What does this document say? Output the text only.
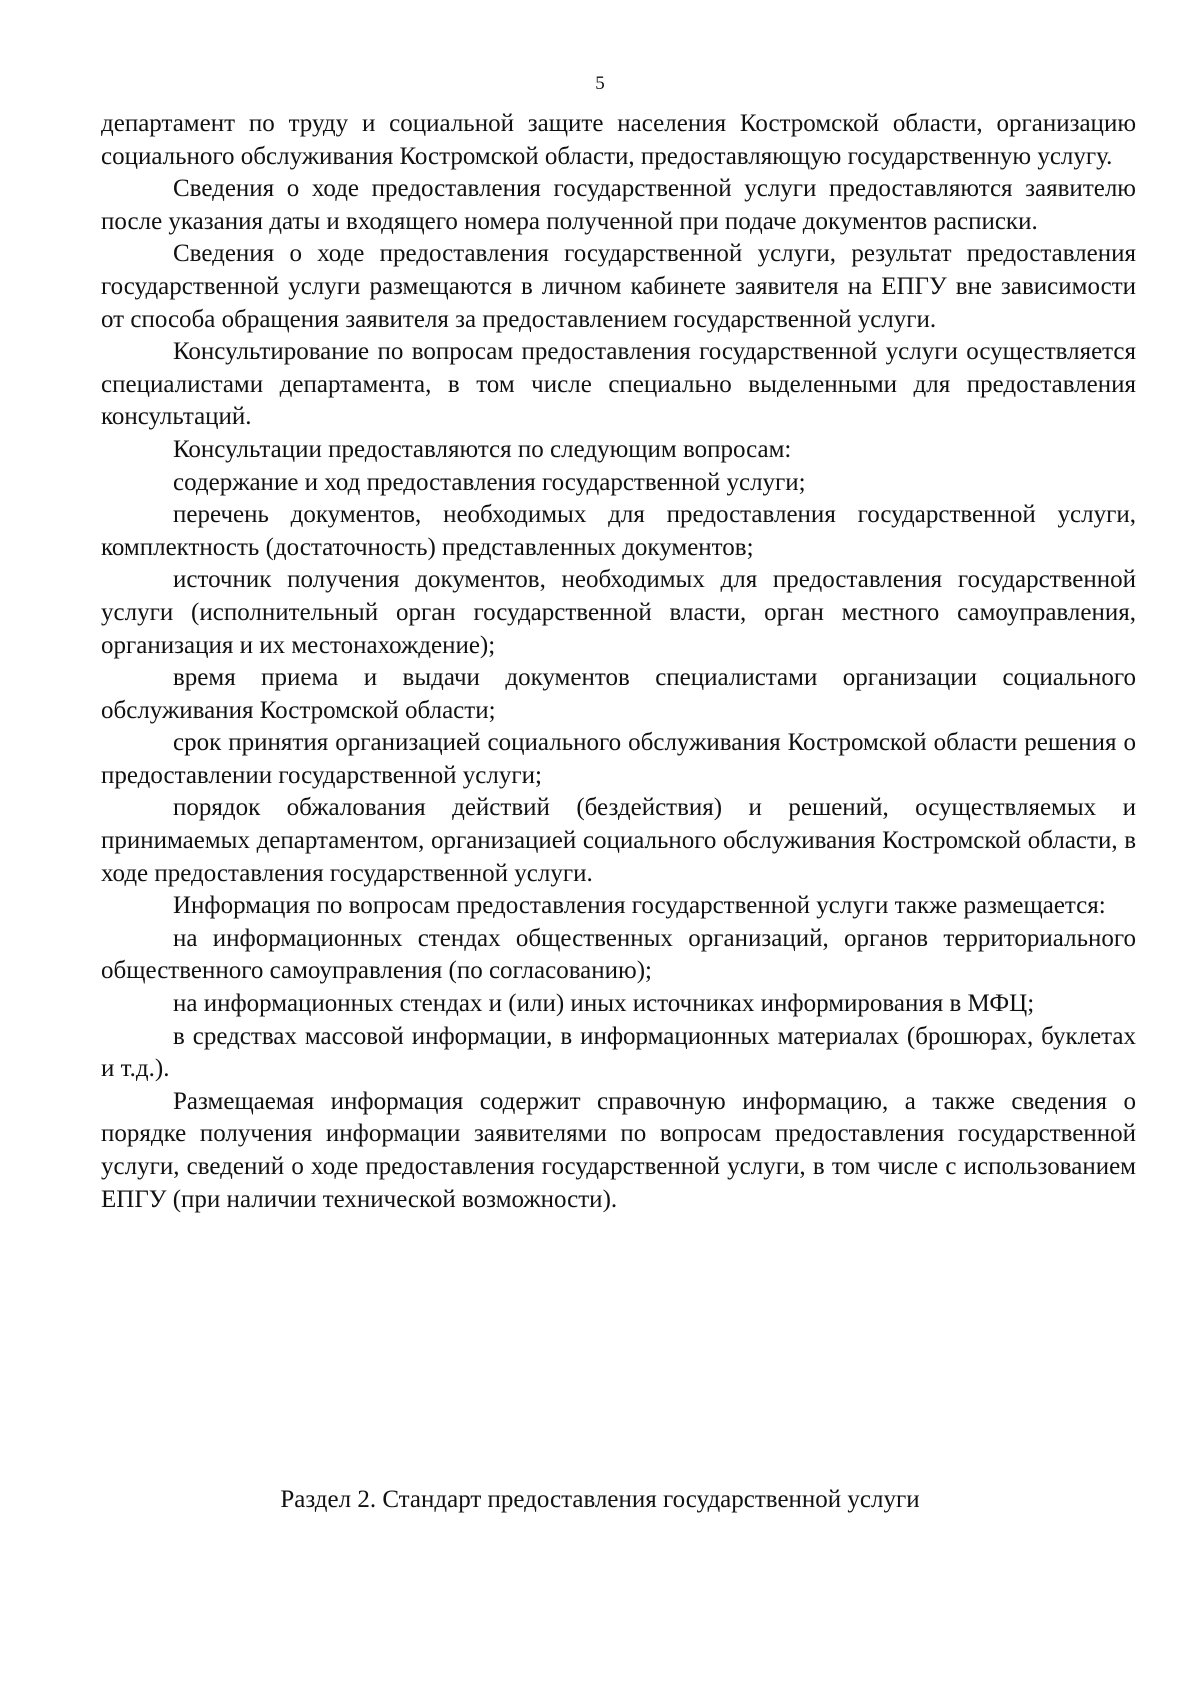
5

департамент по труду и социальной защите населения Костромской области, организацию социального обслуживания Костромской области, предоставляющую государственную услугу.

Сведения о ходе предоставления государственной услуги предоставляются заявителю после указания даты и входящего номера полученной при подаче документов расписки.

Сведения о ходе предоставления государственной услуги, результат предоставления государственной услуги размещаются в личном кабинете заявителя на ЕПГУ вне зависимости от способа обращения заявителя за предоставлением государственной услуги.

Консультирование по вопросам предоставления государственной услуги осуществляется специалистами департамента, в том числе специально выделенными для предоставления консультаций.

Консультации предоставляются по следующим вопросам:

содержание и ход предоставления государственной услуги;

перечень документов, необходимых для предоставления государственной услуги, комплектность (достаточность) представленных документов;

источник получения документов, необходимых для предоставления государственной услуги (исполнительный орган государственной власти, орган местного самоуправления, организация и их местонахождение);

время приема и выдачи документов специалистами организации социального обслуживания Костромской области;

срок принятия организацией социального обслуживания Костромской области решения о предоставлении государственной услуги;

порядок обжалования действий (бездействия) и решений, осуществляемых и принимаемых департаментом, организацией социального обслуживания Костромской области, в ходе предоставления государственной услуги.

Информация по вопросам предоставления государственной услуги также размещается:

на информационных стендах общественных организаций, органов территориального общественного самоуправления (по согласованию);

на информационных стендах и (или) иных источниках информирования в МФЦ;

в средствах массовой информации, в информационных материалах (брошюрах, буклетах и т.д.).

Размещаемая информация содержит справочную информацию, а также сведения о порядке получения информации заявителями по вопросам предоставления государственной услуги, сведений о ходе предоставления государственной услуги, в том числе с использованием ЕПГУ (при наличии технической возможности).

Раздел 2. Стандарт предоставления государственной услуги
